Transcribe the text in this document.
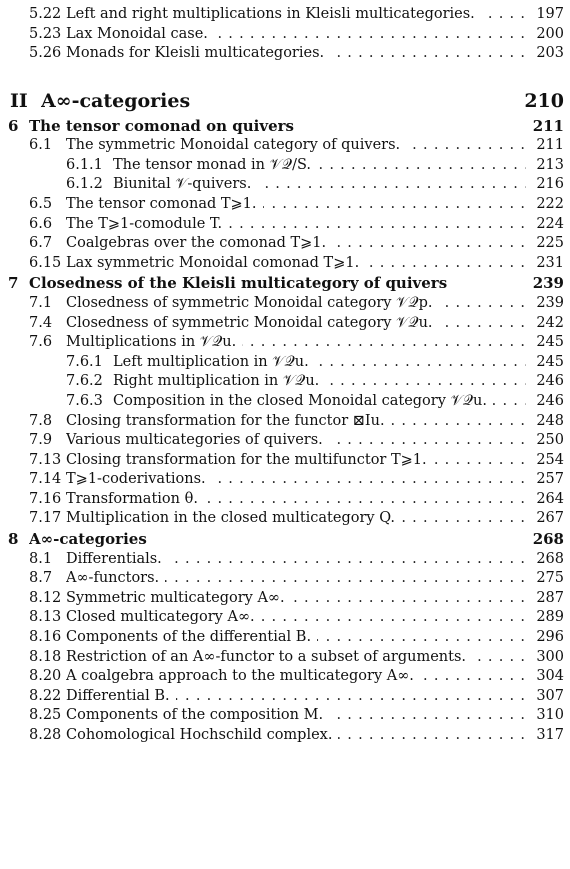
5.22 Left and right multiplications in Kleisli multicategories. . . .	197
5.23 Lax Monoidal case. . . .	200
5.26 Monads for Kleisli multicategories. . . .	203
II A∞-categories	210
6 The tensor comonad on quivers	211
6.1 The symmetric Monoidal category of quivers. . . .	211
6.1.1 The tensor monad in 𝒱𝒬/S. . . .	213
6.1.2 Biunital 𝒱-quivers. . . .	216
6.5 The tensor comonad T⩾1. . . .	222
6.6 The T⩾1-comodule T. . . .	224
6.7 Coalgebras over the comonad T⩾1. . . .	225
6.15 Lax symmetric Monoidal comonad T⩾1. . . .	231
7 Closedness of the Kleisli multicategory of quivers	239
7.1 Closedness of symmetric Monoidal category 𝒱𝒬p. . . .	239
7.4 Closedness of symmetric Monoidal category 𝒱𝒬u. . . .	242
7.6 Multiplications in 𝒱𝒬u. . . .	245
7.6.1 Left multiplication in 𝒱𝒬u. . . .	245
7.6.2 Right multiplication in 𝒱𝒬u. . . .	246
7.6.3 Composition in the closed Monoidal category 𝒱𝒬u. . . .	246
7.8 Closing transformation for the functor ⊠Iu. . . .	248
7.9 Various multicategories of quivers. . . .	250
7.13 Closing transformation for the multifunctor T⩾1. . . .	254
7.14 T⩾1-coderivations. . . .	257
7.16 Transformation θ. . . .	264
7.17 Multiplication in the closed multicategory Q. . . .	267
8 A∞-categories	268
8.1 Differentials. . . .	268
8.7 A∞-functors. . . .	275
8.12 Symmetric multicategory A∞. . . .	287
8.13 Closed multicategory A∞. . . .	289
8.16 Components of the differential B. . . .	296
8.18 Restriction of an A∞-functor to a subset of arguments. . . .	300
8.20 A coalgebra approach to the multicategory A∞. . . .	304
8.22 Differential B. . . .	307
8.25 Components of the composition M. . . .	310
8.28 Cohomological Hochschild complex. . . .	317
